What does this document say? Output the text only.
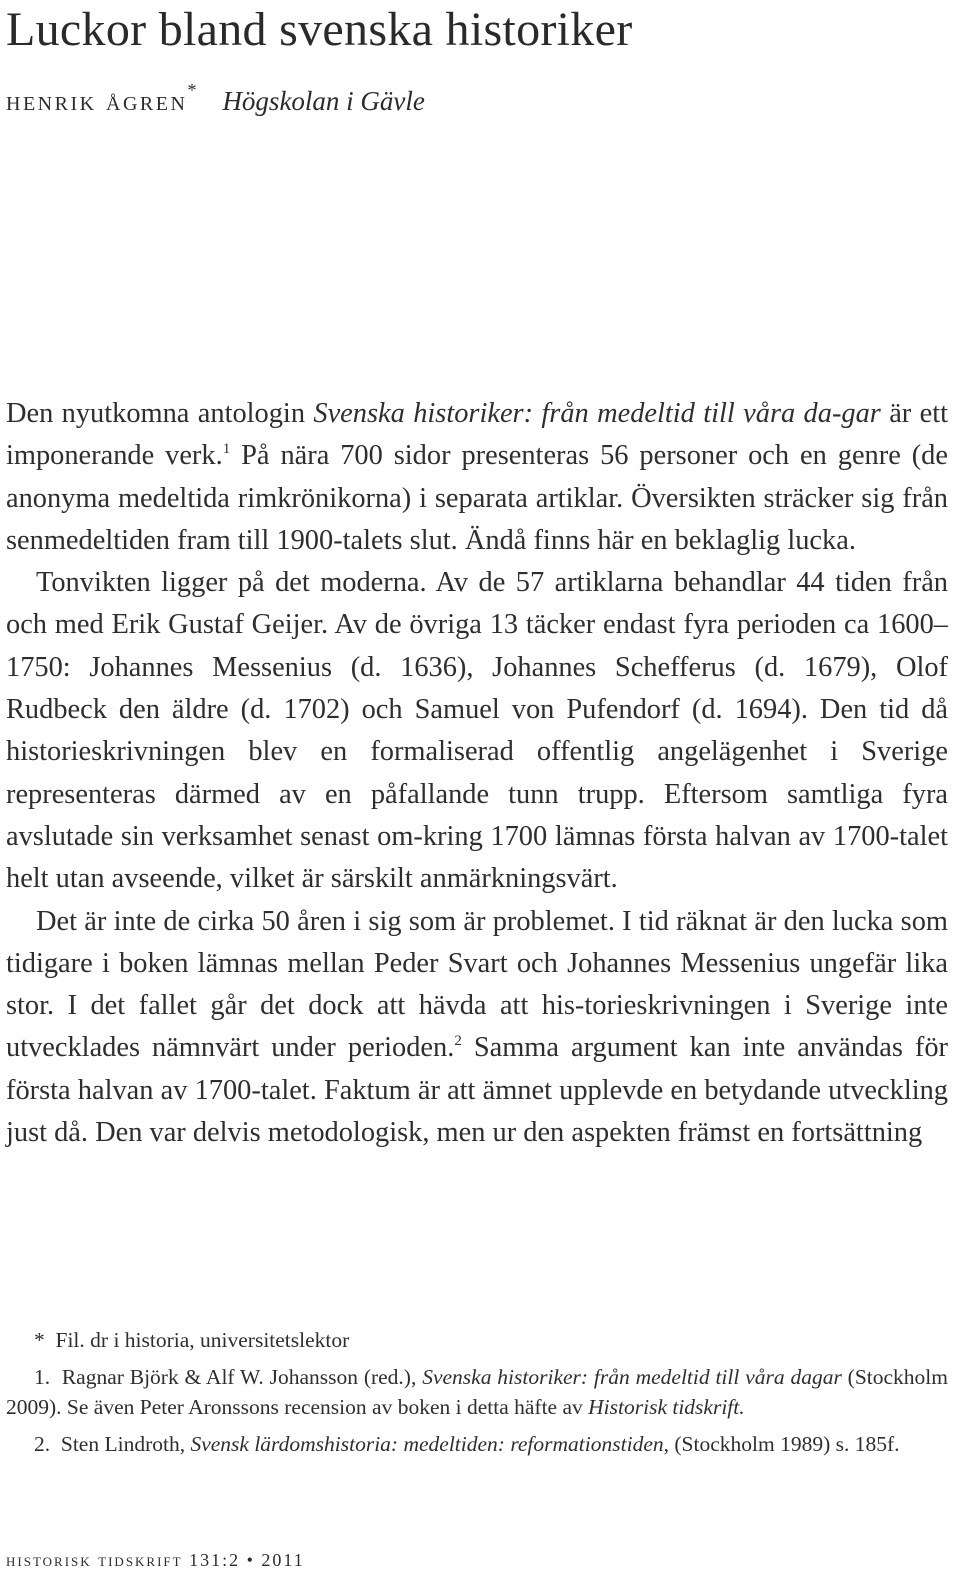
Luckor bland svenska historiker
henrik ågren* Högskolan i Gävle

Den nyutkomna antologin Svenska historiker: från medeltid till våra da-gar är ett imponerande verk.$^1$ På nära 700 sidor presenteras 56 personer och en genre (de anonyma medeltida rimkrönikorna) i separata artiklar. Översikten sträcker sig från senmedeltiden fram till 1900-talets slut. Ändå finns här en beklaglig lucka.

Tonvikten ligger på det moderna. Av de 57 artiklarna behandlar 44 tiden från och med Erik Gustaf Geijer. Av de övriga 13 täcker endast fyra perioden ca 1600–1750: Johannes Messenius (d. 1636), Johannes Schefferus (d. 1679), Olof Rudbeck den äldre (d. 1702) och Samuel von Pufendorf (d. 1694). Den tid då historieskrivningen blev en formaliserad offentlig angelägenhet i Sverige representeras därmed av en påfallande tunn trupp. Eftersom samtliga fyra avslutade sin verksamhet senast om-kring 1700 lämnas första halvan av 1700-talet helt utan avseende, vilket är särskilt anmärkningsvärt.

Det är inte de cirka 50 åren i sig som är problemet. I tid räknat är den lucka som tidigare i boken lämnas mellan Peder Svart och Johannes Messenius ungefär lika stor. I det fallet går det dock att hävda att his-torieskrivningen i Sverige inte utvecklades nämnvärt under perioden.$^2$ Samma argument kan inte användas för första halvan av 1700-talet. Faktum är att ämnet upplevde en betydande utveckling just då. Den var delvis metodologisk, men ur den aspekten främst en fortsättning

* Fil. dr i historia, universitetslektor

1. Ragnar Björk & Alf W. Johansson (red.), Svenska historiker: från medeltid till våra dagar (Stockholm 2009). Se även Peter Aronssons recension av boken i detta häfte av Historisk tidskrift.

2. Sten Lindroth, Svensk lärdomshistoria: medeltiden: reformationstiden, (Stockholm 1989) s. 185f.

historisk tidskrift 131:2 • 2011
